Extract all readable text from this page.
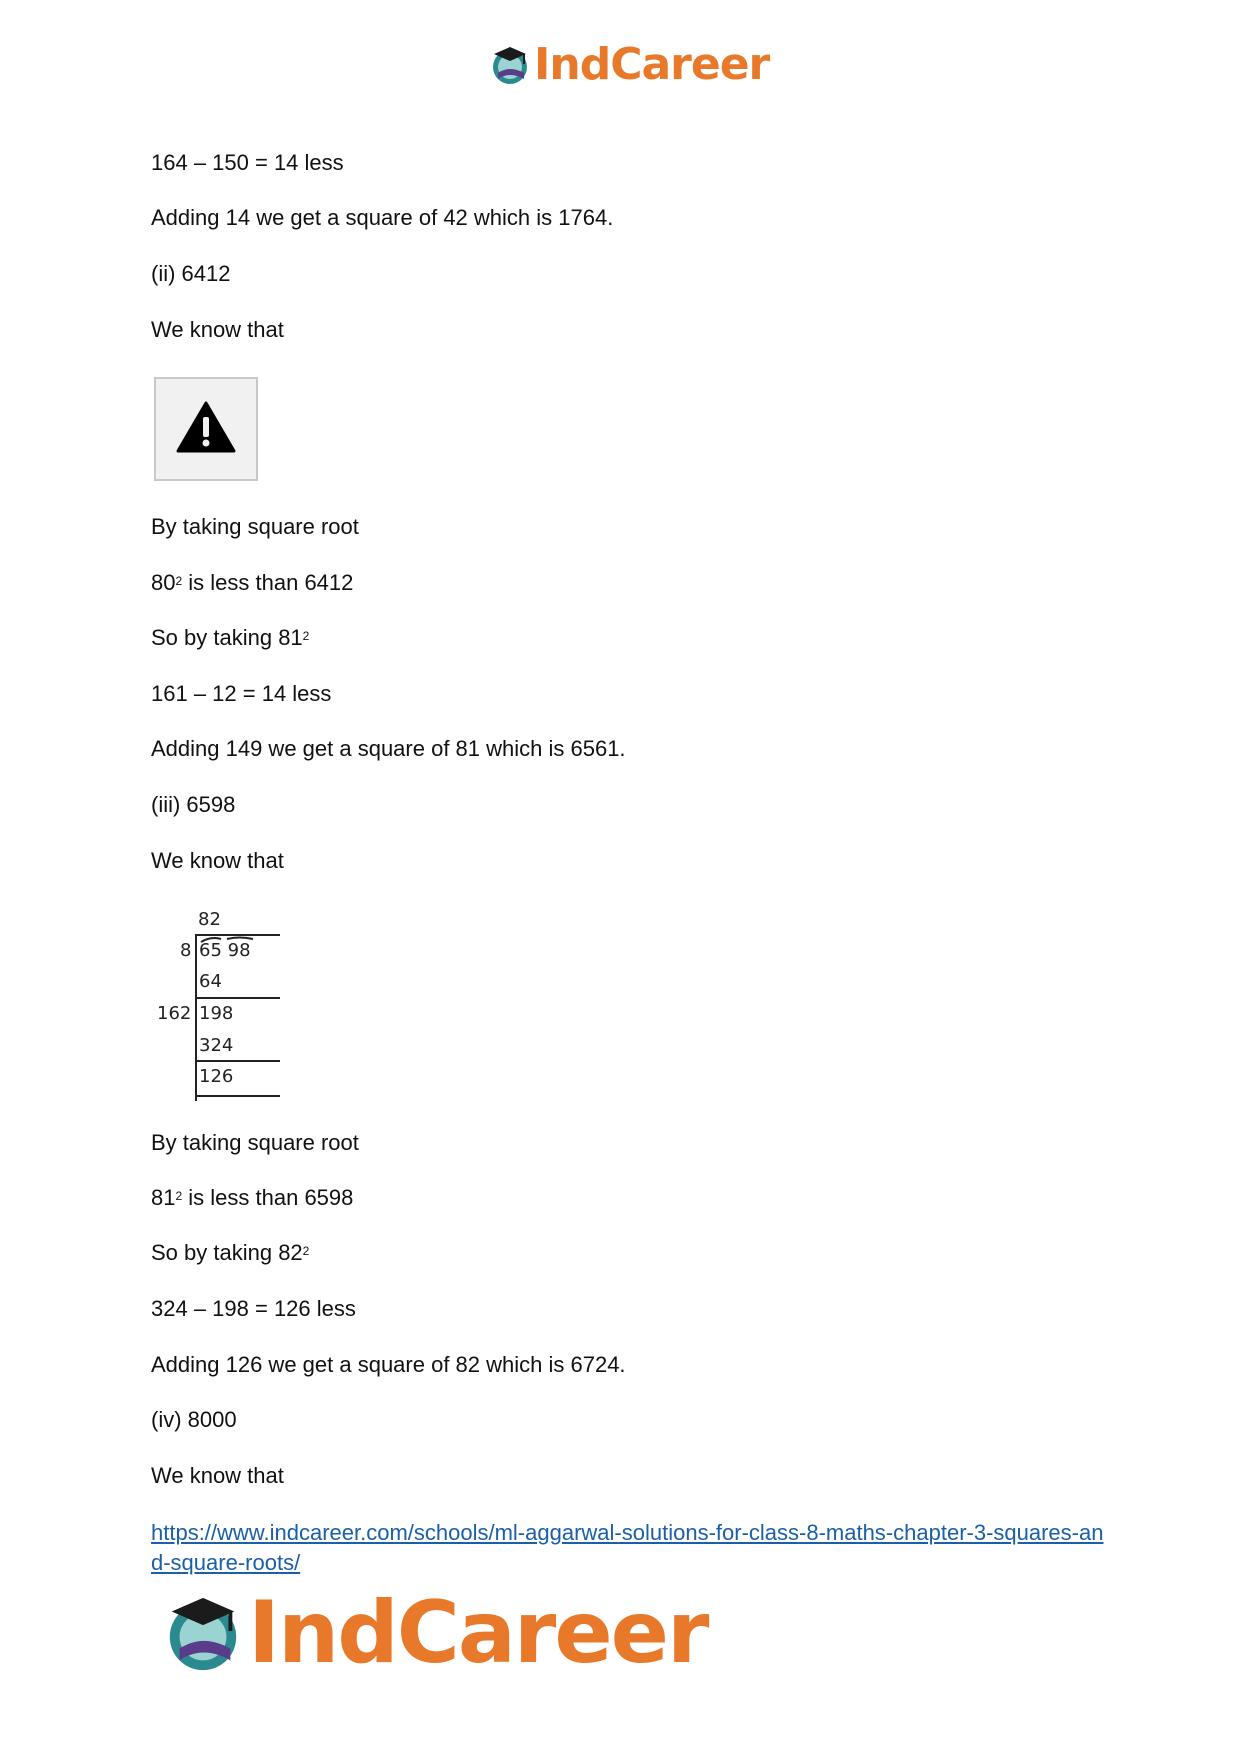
IndCareer
164 – 150 = 14 less
Adding 14 we get a square of 42 which is 1764.
(ii) 6412
We know that
By taking square root
$80^2$ is less than 6412
So by taking $81^2$
161 – 12 = 14 less
Adding 149 we get a square of 81 which is 6561.
(iii) 6598
We know that
82
8 65 98
64
162 198
324
126
By taking square root
$81^2$ is less than 6598
So by taking $82^2$
324 – 198 = 126 less
Adding 126 we get a square of 82 which is 6724.
(iv) 8000
We know that
https://www.indcareer.com/schools/ml-aggarwal-solutions-for-class-8-maths-chapter-3-squares-and-square-roots/
IndCareer
